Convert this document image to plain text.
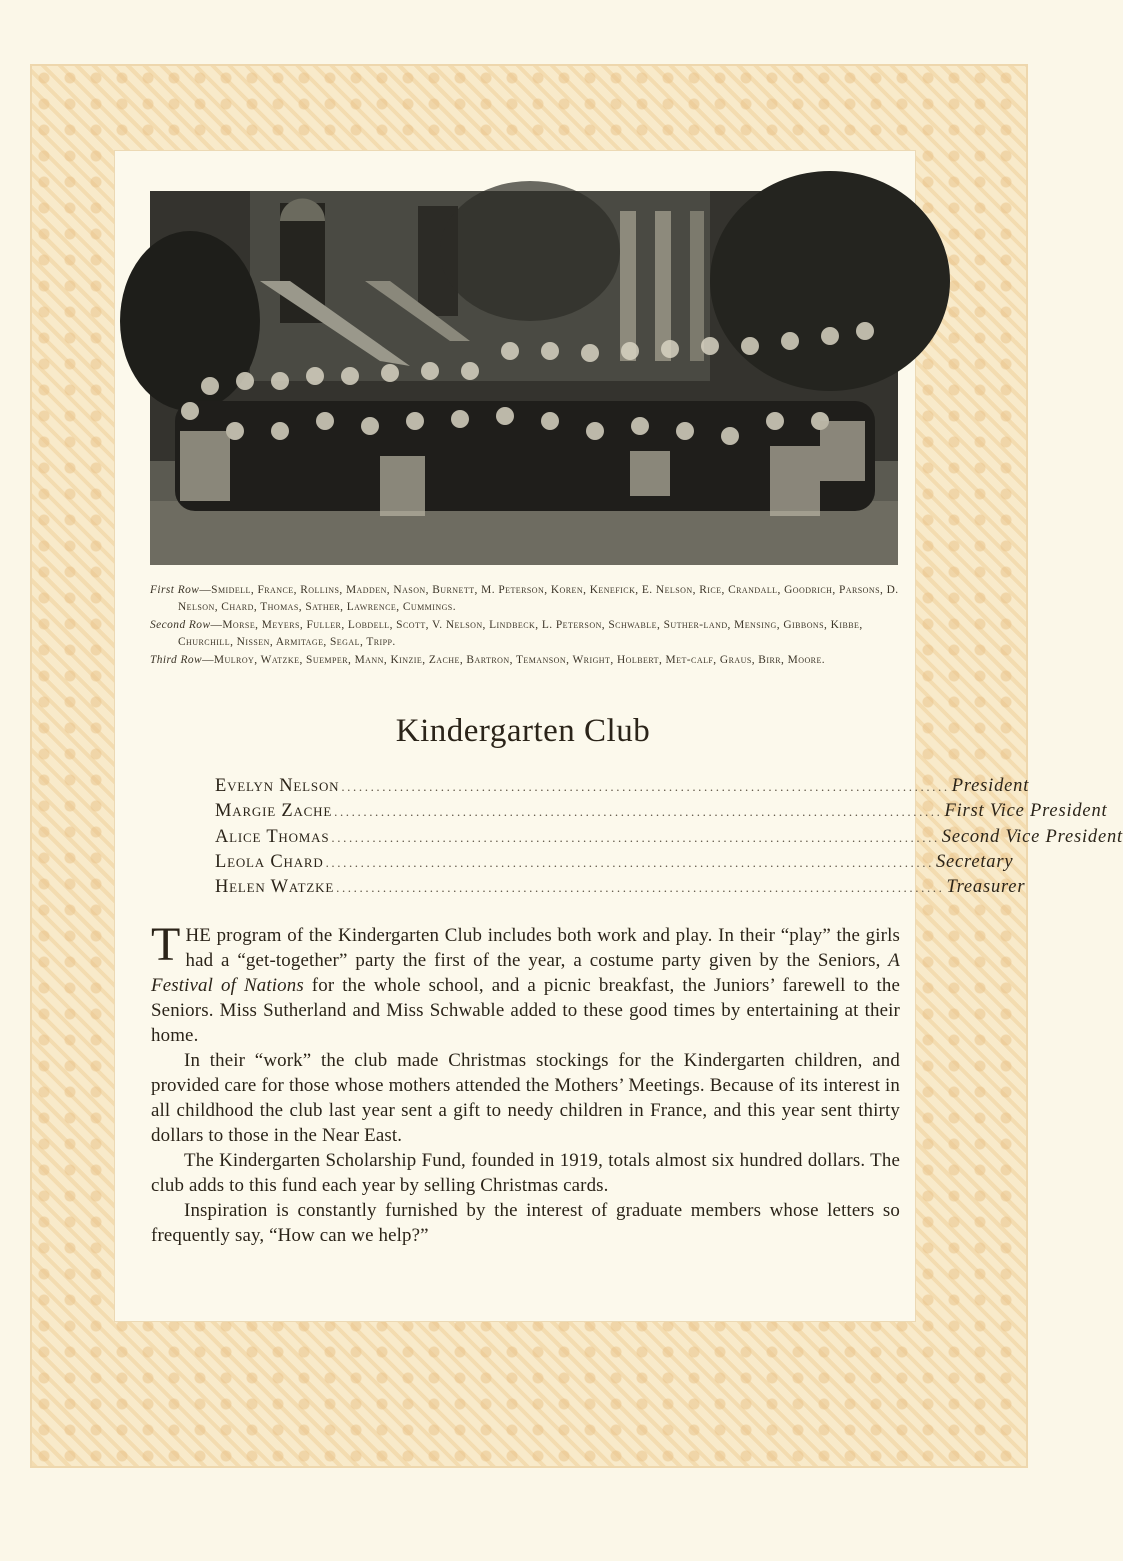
First Row—Smidell, France, Rollins, Madden, Nason, Burnett, M. Peterson, Koren, Kenefick, E. Nelson, Rice, Crandall, Goodrich, Parsons, D. Nelson, Chard, Thomas, Sather, Lawrence, Cummings.

Second Row—Morse, Meyers, Fuller, Lobdell, Scott, V. Nelson, Lindbeck, L. Peterson, Schwable, Suther-land, Mensing, Gibbons, Kibbe, Churchill, Nissen, Armitage, Segal, Tripp.

Third Row—Mulroy, Watzke, Suemper, Mann, Kinzie, Zache, Bartron, Temanson, Wright, Holbert, Met-calf, Graus, Birr, Moore.

Kindergarten Club
Evelyn Nelson ........................................................................................................ President
Margie Zache ........................................................................................................ First Vice President
Alice Thomas ........................................................................................................ Second Vice President
Leola Chard ........................................................................................................ Secretary
Helen Watzke ........................................................................................................ Treasurer

THE program of the Kindergarten Club includes both work and play. In their “play” the girls had a “get-together” party the first of the year, a costume party given by the Seniors, A Festival of Nations for the whole school, and a picnic breakfast, the Juniors’ farewell to the Seniors. Miss Sutherland and Miss Schwable added to these good times by entertaining at their home.

In their “work” the club made Christmas stockings for the Kindergarten children, and provided care for those whose mothers attended the Mothers’ Meetings. Because of its interest in all childhood the club last year sent a gift to needy children in France, and this year sent thirty dollars to those in the Near East.

The Kindergarten Scholarship Fund, founded in 1919, totals almost six hundred dollars. The club adds to this fund each year by selling Christmas cards.

Inspiration is constantly furnished by the interest of graduate members whose letters so frequently say, “How can we help?”
